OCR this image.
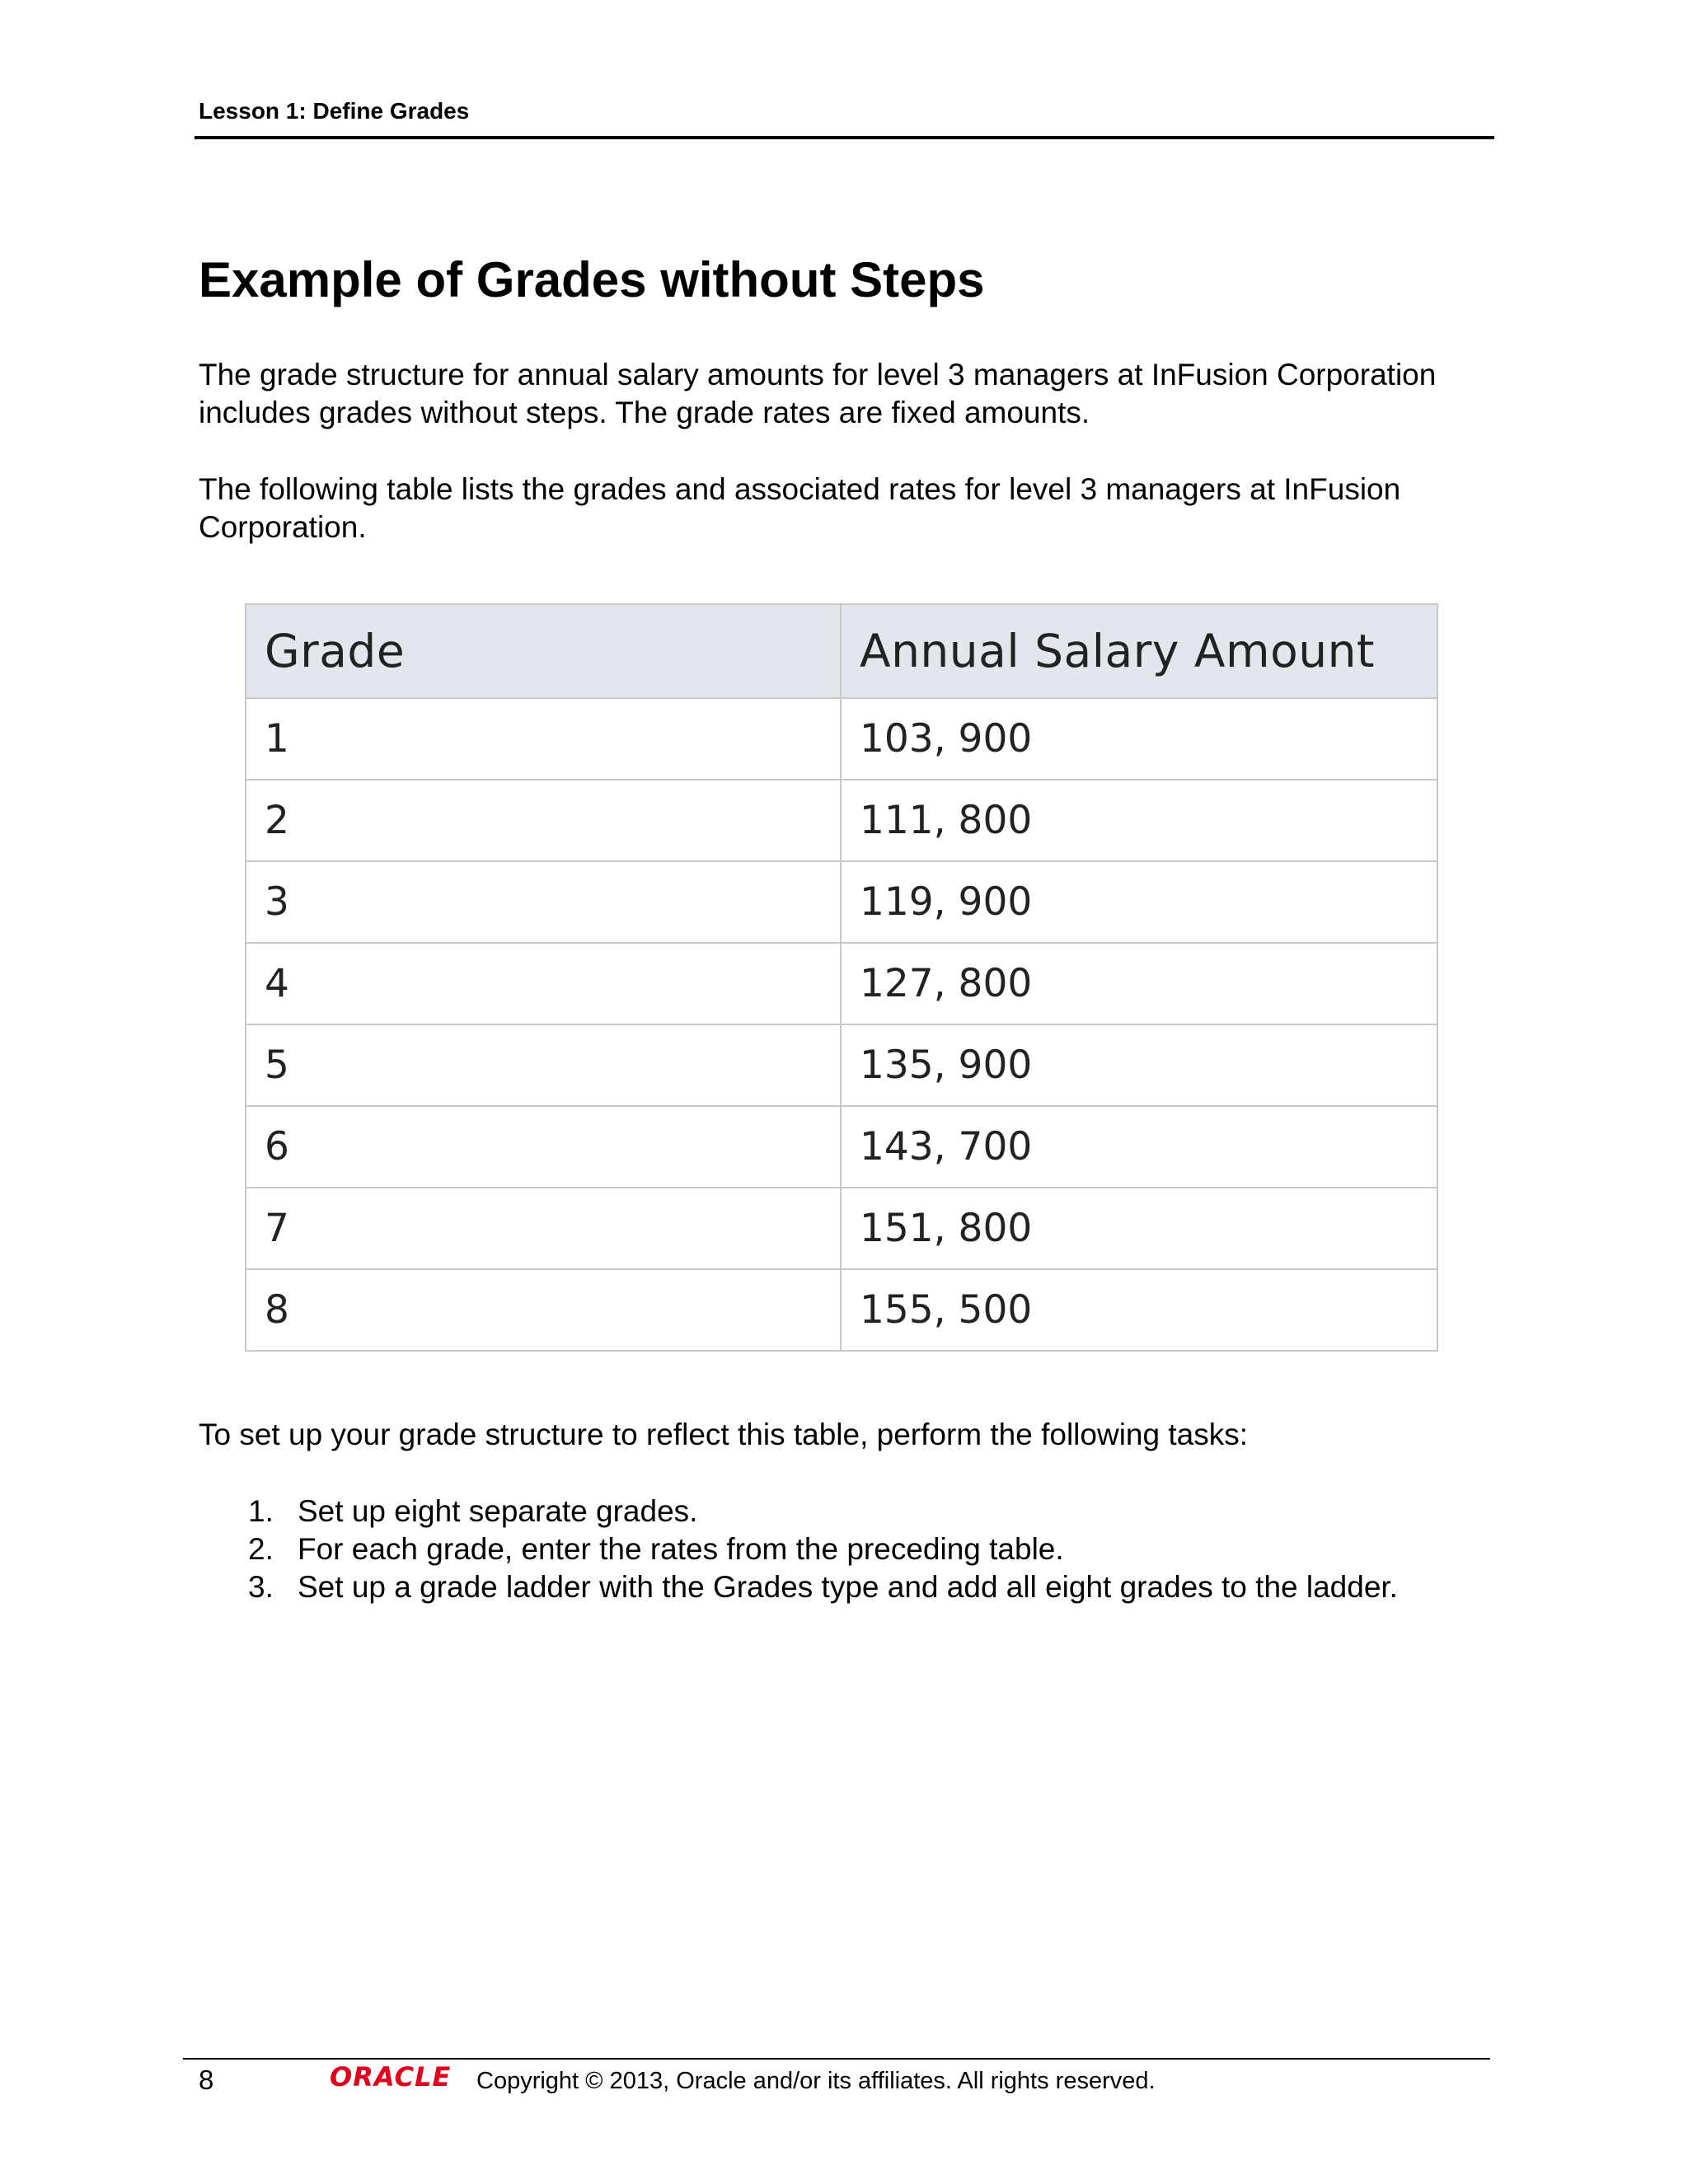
Lesson 1: Define Grades
Example of Grades without Steps

The grade structure for annual salary amounts for level 3 managers at InFusion Corporation includes grades without steps. The grade rates are fixed amounts.

The following table lists the grades and associated rates for level 3 managers at InFusion Corporation.

Grade	Annual Salary Amount
1	103, 900
2	111, 800
3	119, 900
4	127, 800
5	135, 900
6	143, 700
7	151, 800
8	155, 500

To set up your grade structure to reflect this table, perform the following tasks:

1. Set up eight separate grades.
2. For each grade, enter the rates from the preceding table.
3. Set up a grade ladder with the Grades type and add all eight grades to the ladder.
8	ORACLE Copyright © 2013, Oracle and/or its affiliates. All rights reserved.
